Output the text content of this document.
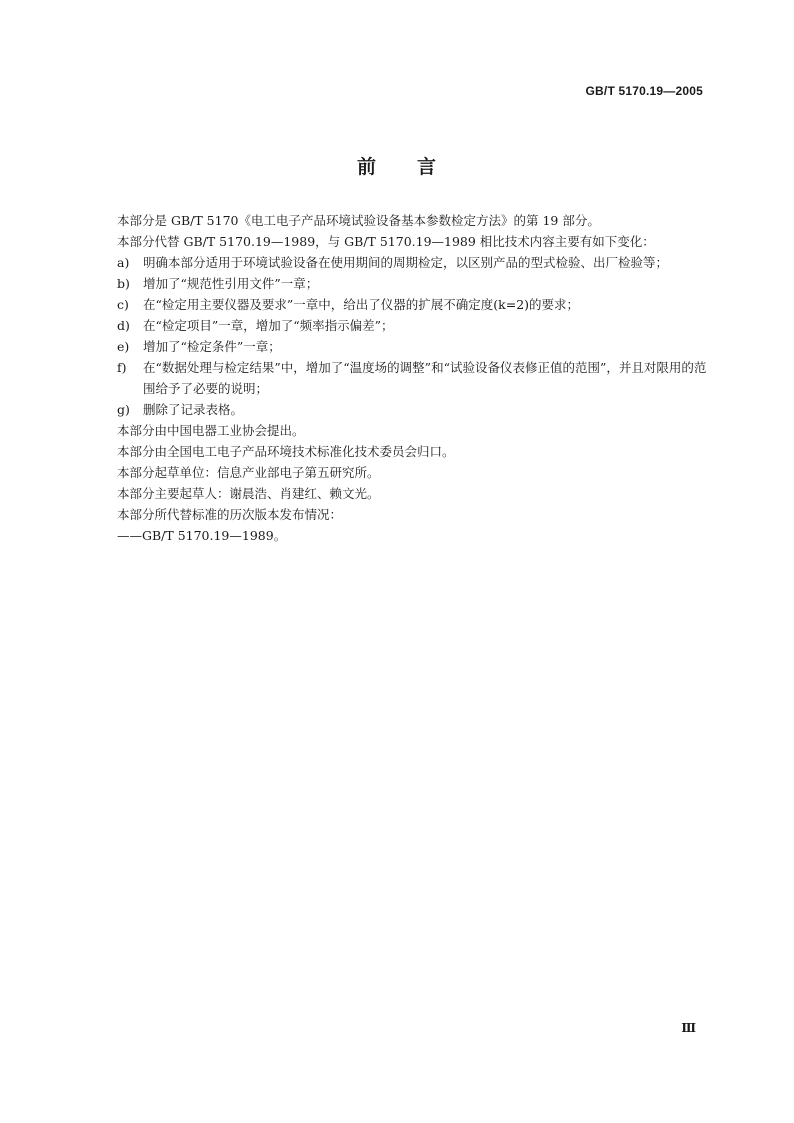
GB/T 5170.19—2005
前 言

本部分是 GB/T 5170《电工电子产品环境试验设备基本参数检定方法》的第 19 部分。

本部分代替 GB/T 5170.19—1989，与 GB/T 5170.19—1989 相比技术内容主要有如下变化：

a)	明确本部分适用于环境试验设备在使用期间的周期检定，以区别产品的型式检验、出厂检验等；
b)	增加了“规范性引用文件”一章；
c)	在“检定用主要仪器及要求”一章中，给出了仪器的扩展不确定度(k=2)的要求；
d)	在“检定项目”一章，增加了“频率指示偏差”；
e)	增加了“检定条件”一章；
f)	在“数据处理与检定结果”中，增加了“温度场的调整”和“试验设备仪表修正值的范围”，并且对限用的范围给予了必要的说明；
g)	删除了记录表格。

本部分由中国电器工业协会提出。

本部分由全国电工电子产品环境技术标准化技术委员会归口。

本部分起草单位：信息产业部电子第五研究所。

本部分主要起草人：谢晨浩、肖建红、赖文光。

本部分所代替标准的历次版本发布情况：

——GB/T 5170.19—1989。

Ⅲ
